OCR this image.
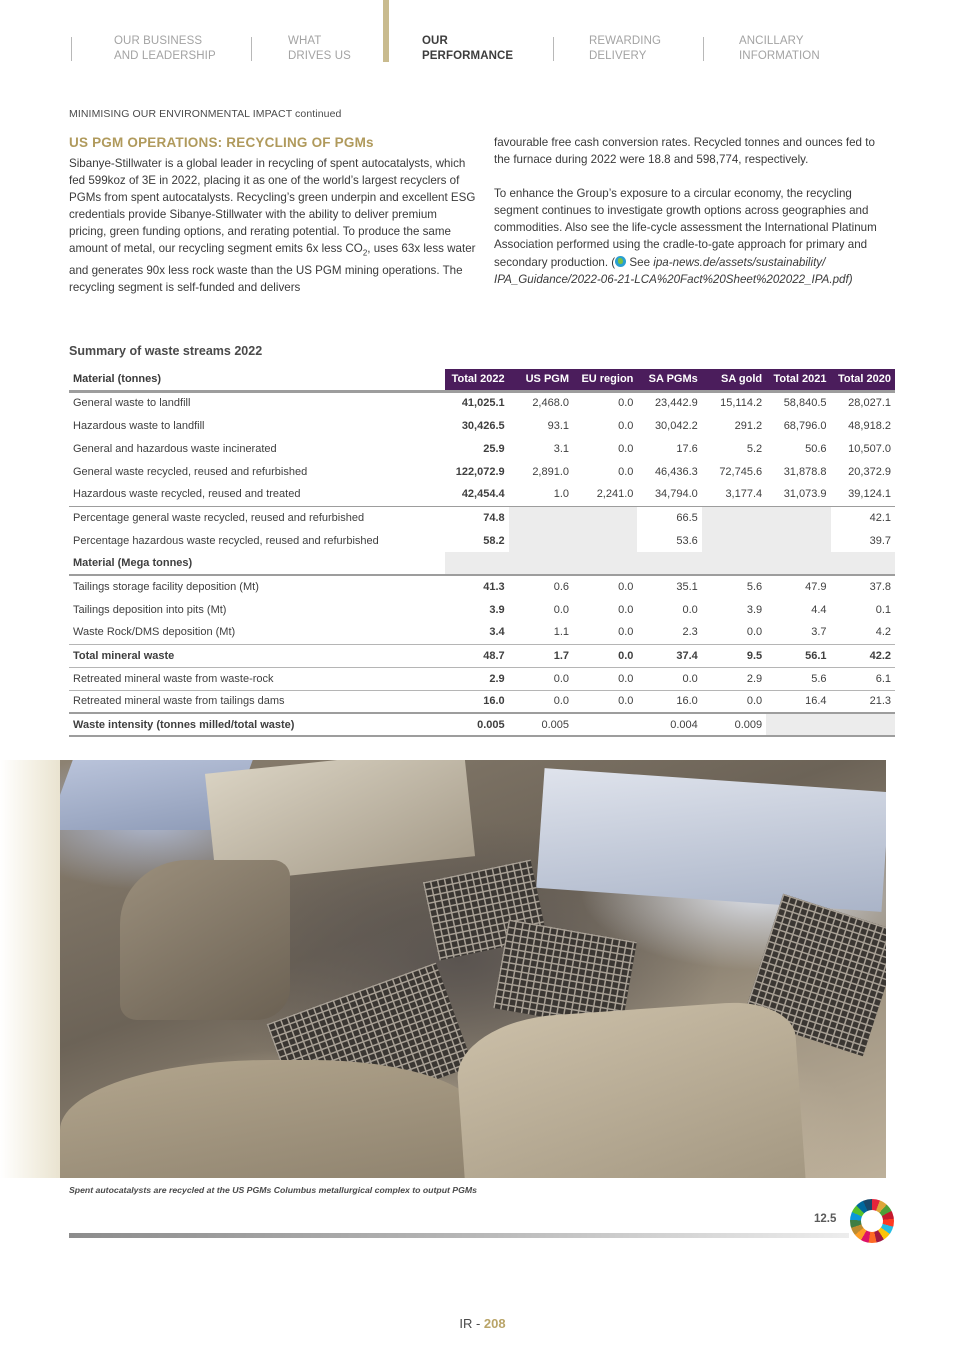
OUR BUSINESS
AND LEADERSHIP
WHAT
DRIVES US
OUR
PERFORMANCE
REWARDING
DELIVERY
ANCILLARY
INFORMATION
MINIMISING OUR ENVIRONMENTAL IMPACT continued
US PGM OPERATIONS: RECYCLING OF PGMs
Sibanye-Stillwater is a global leader in recycling of spent autocatalysts, which fed 599koz of 3E in 2022, placing it as one of the world’s largest recyclers of PGMs from spent autocatalysts. Recycling’s green underpin and excellent ESG credentials provide Sibanye-Stillwater with the ability to deliver premium pricing, green funding options, and rerating potential. To produce the same amount of metal, our recycling segment emits 6x less $CO_2$, uses 63x less water and generates 90x less rock waste than the US PGM mining operations. The recycling segment is self-funded and delivers

favourable free cash conversion rates. Recycled tonnes and ounces fed to the furnace during 2022 were 18.8 and 598,774, respectively.

To enhance the Group’s exposure to a circular economy, the recycling segment continues to investigate growth options across geographies and commodities. Also see the life-cycle assessment the International Platinum Association performed using the cradle-to-gate approach for primary and secondary production. ( See ipa-news.de/assets/sustainability/ IPA_Guidance/2022-06-21-LCA%20Fact%20Sheet%202022_IPA.pdf)

Summary of waste streams 2022
Material (tonnes)	Total 2022	US PGM	EU region	SA PGMs	SA gold	Total 2021	Total 2020
General waste to landfill	41,025.1	2,468.0	0.0	23,442.9	15,114.2	58,840.5	28,027.1
Hazardous waste to landfill	30,426.5	93.1	0.0	30,042.2	291.2	68,796.0	48,918.2
General and hazardous waste incinerated	25.9	3.1	0.0	17.6	5.2	50.6	10,507.0
General waste recycled, reused and refurbished	122,072.9	2,891.0	0.0	46,436.3	72,745.6	31,878.8	20,372.9
Hazardous waste recycled, reused and treated	42,454.4	1.0	2,241.0	34,794.0	3,177.4	31,073.9	39,124.1
Percentage general waste recycled, reused and refurbished	74.8			66.5			42.1
Percentage hazardous waste recycled, reused and refurbished	58.2			53.6			39.7
Material (Mega tonnes)							
Tailings storage facility deposition (Mt)	41.3	0.6	0.0	35.1	5.6	47.9	37.8
Tailings deposition into pits (Mt)	3.9	0.0	0.0	0.0	3.9	4.4	0.1
Waste Rock/DMS deposition (Mt)	3.4	1.1	0.0	2.3	0.0	3.7	4.2
Total mineral waste	48.7	1.7	0.0	37.4	9.5	56.1	42.2
Retreated mineral waste from waste-rock	2.9	0.0	0.0	0.0	2.9	5.6	6.1
Retreated mineral waste from tailings dams	16.0	0.0	0.0	16.0	0.0	16.4	21.3
Waste intensity (tonnes milled/total waste)	0.005	0.005		0.004	0.009		
Spent autocatalysts are recycled at the US PGMs Columbus metallurgical complex to output PGMs
12.5
IR - 208
